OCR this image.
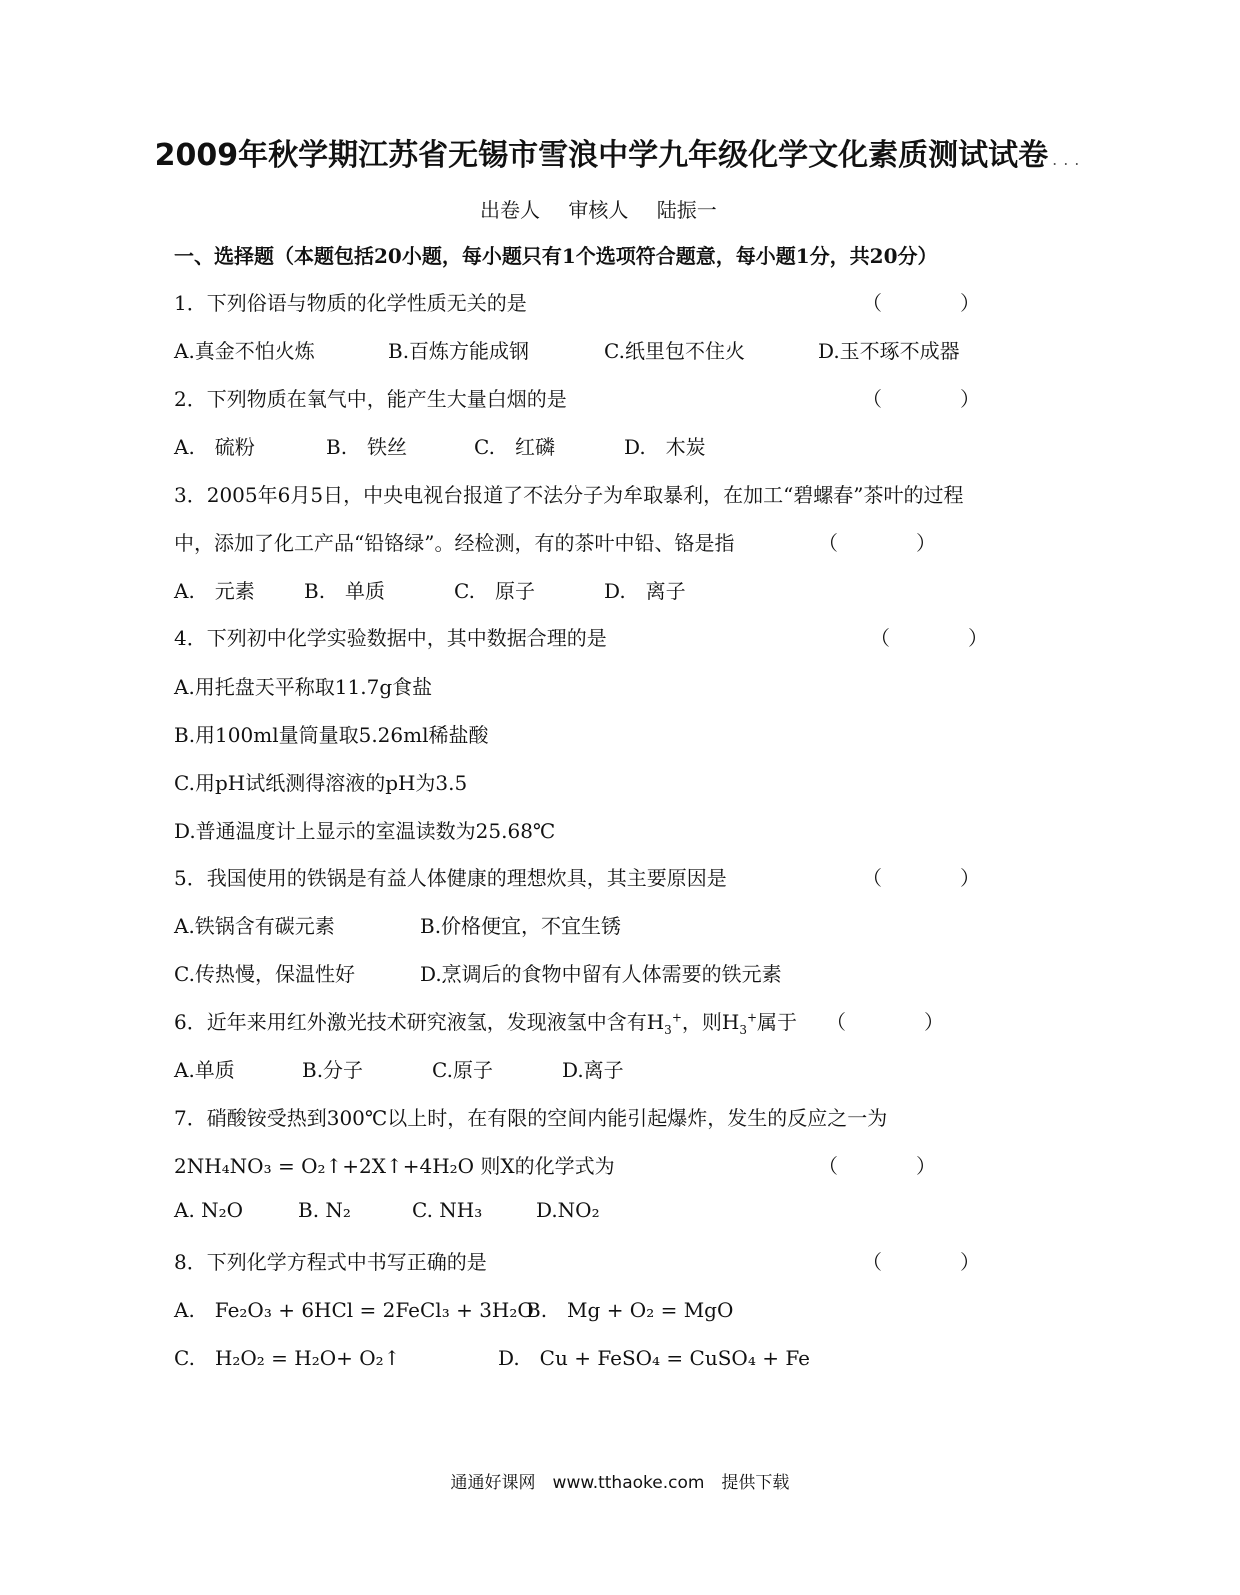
2009年秋学期江苏省无锡市雪浪中学九年级化学文化素质测试试卷 ...
出卷人 审核人 陆振一
一、选择题（本题包括20小题，每小题只有1个选项符合题意，每小题1分，共20分）
1．下列俗语与物质的化学性质无关的是	（	）
A.真金不怕火炼	B.百炼方能成钢	C.纸里包不住火	D.玉不琢不成器
2．下列物质在氧气中，能产生大量白烟的是	（	）
A.　硫粉	B.　铁丝	C.　红磷	D.　木炭
3．2005年6月5日，中央电视台报道了不法分子为牟取暴利，在加工“碧螺春”茶叶的过程
中，添加了化工产品“铅铬绿”。经检测，有的茶叶中铅、铬是指	（	）
A.　元素 B.　单质	C.　原子	D.　离子
4．下列初中化学实验数据中，其中数据合理的是	（	）
A.用托盘天平称取11.7g食盐
B.用100ml量筒量取5.26ml稀盐酸
C.用pH试纸测得溶液的pH为3.5
D.普通温度计上显示的室温读数为25.68℃
5．我国使用的铁锅是有益人体健康的理想炊具，其主要原因是	（	）
A.铁锅含有碳元素	B.价格便宜，不宜生锈
C.传热慢，保温性好	D.烹调后的食物中留有人体需要的铁元素
6．近年来用红外激光技术研究液氢，发现液氢中含有$H_3^+$，则$H_3^+$属于 （	）
A.单质	B.分子	C.原子	D.离子
7．硝酸铵受热到300℃以上时，在有限的空间内能引起爆炸，发生的反应之一为
2NH₄NO₃ = O₂↑+2X↑+4H₂O 则X的化学式为	（	）
A. N₂O	B. N₂	C. NH₃	D.NO₂
8．下列化学方程式中书写正确的是	（	）
A.　Fe₂O₃ + 6HCl = 2FeCl₃ + 3H₂O
B.　Mg + O₂ = MgO
C.　H₂O₂ = H₂O+ O₂↑	D.　Cu + FeSO₄ = CuSO₄ + Fe
通通好课网　www.tthaoke.com　提供下载
